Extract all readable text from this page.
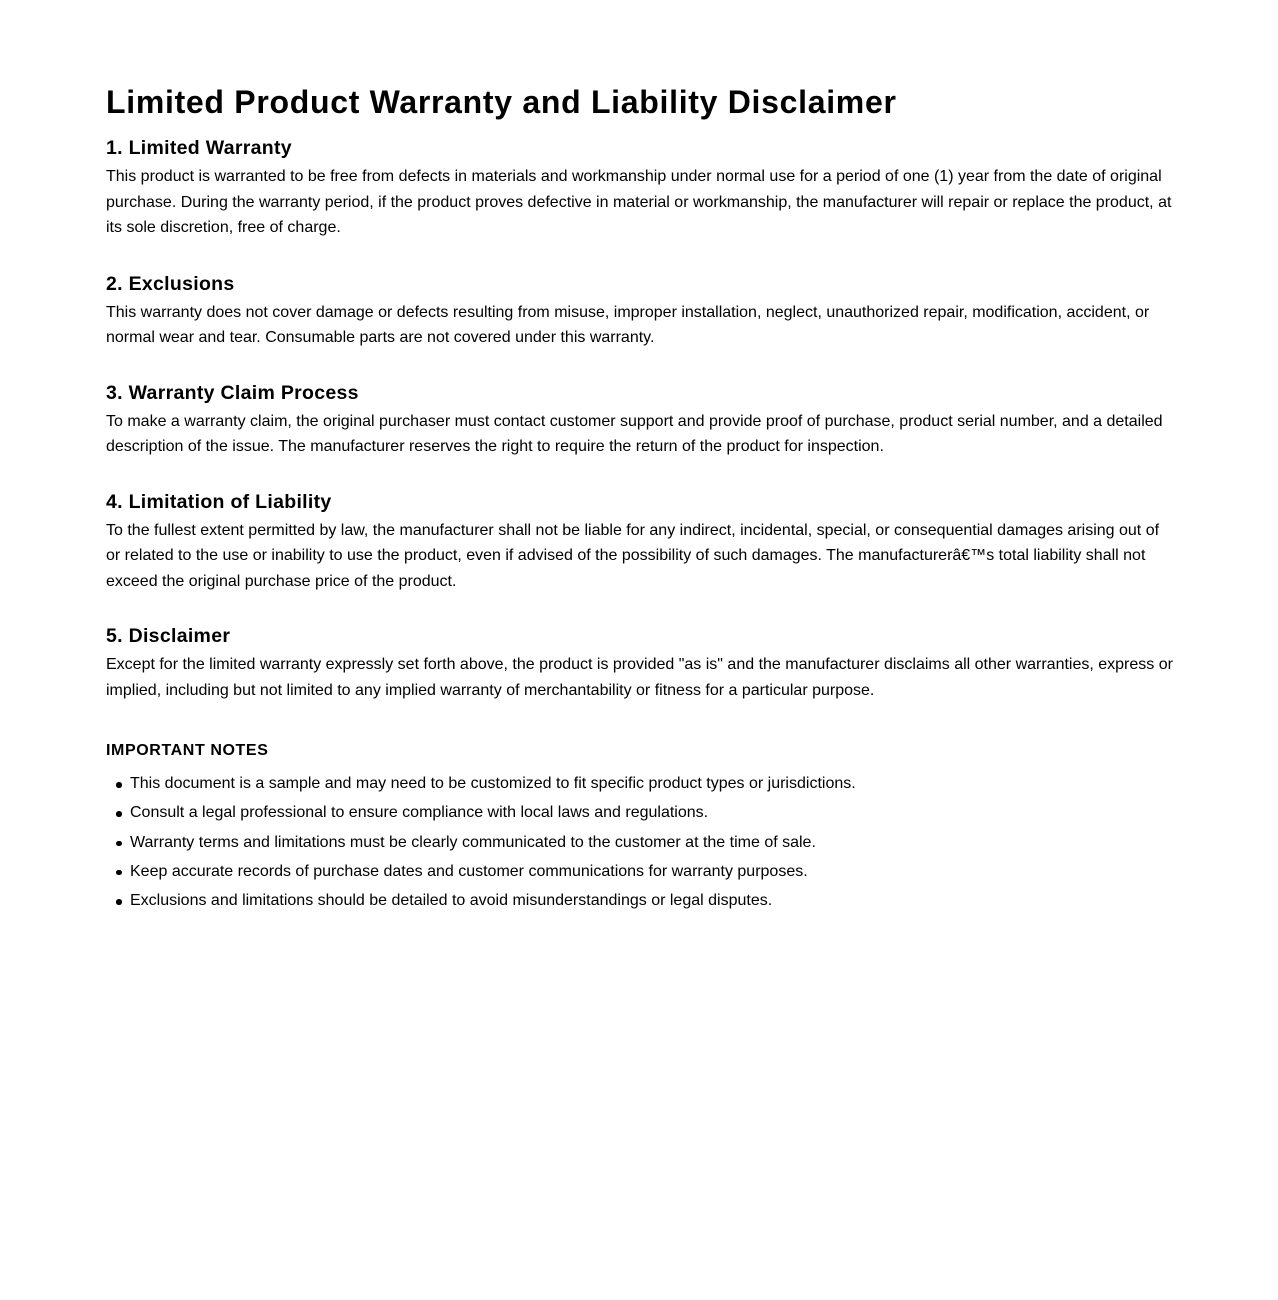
Limited Product Warranty and Liability Disclaimer
1. Limited Warranty

This product is warranted to be free from defects in materials and workmanship under normal use for a period of one (1) year from the date of original purchase. During the warranty period, if the product proves defective in material or workmanship, the manufacturer will repair or replace the product, at its sole discretion, free of charge.

2. Exclusions

This warranty does not cover damage or defects resulting from misuse, improper installation, neglect, unauthorized repair, modification, accident, or normal wear and tear. Consumable parts are not covered under this warranty.

3. Warranty Claim Process

To make a warranty claim, the original purchaser must contact customer support and provide proof of purchase, product serial number, and a detailed description of the issue. The manufacturer reserves the right to require the return of the product for inspection.

4. Limitation of Liability

To the fullest extent permitted by law, the manufacturer shall not be liable for any indirect, incidental, special, or consequential damages arising out of or related to the use or inability to use the product, even if advised of the possibility of such damages. The manufacturerâ€™s total liability shall not exceed the original purchase price of the product.

5. Disclaimer

Except for the limited warranty expressly set forth above, the product is provided "as is" and the manufacturer disclaims all other warranties, express or implied, including but not limited to any implied warranty of merchantability or fitness for a particular purpose.

IMPORTANT NOTES
This document is a sample and may need to be customized to fit specific product types or jurisdictions.
Consult a legal professional to ensure compliance with local laws and regulations.
Warranty terms and limitations must be clearly communicated to the customer at the time of sale.
Keep accurate records of purchase dates and customer communications for warranty purposes.
Exclusions and limitations should be detailed to avoid misunderstandings or legal disputes.
